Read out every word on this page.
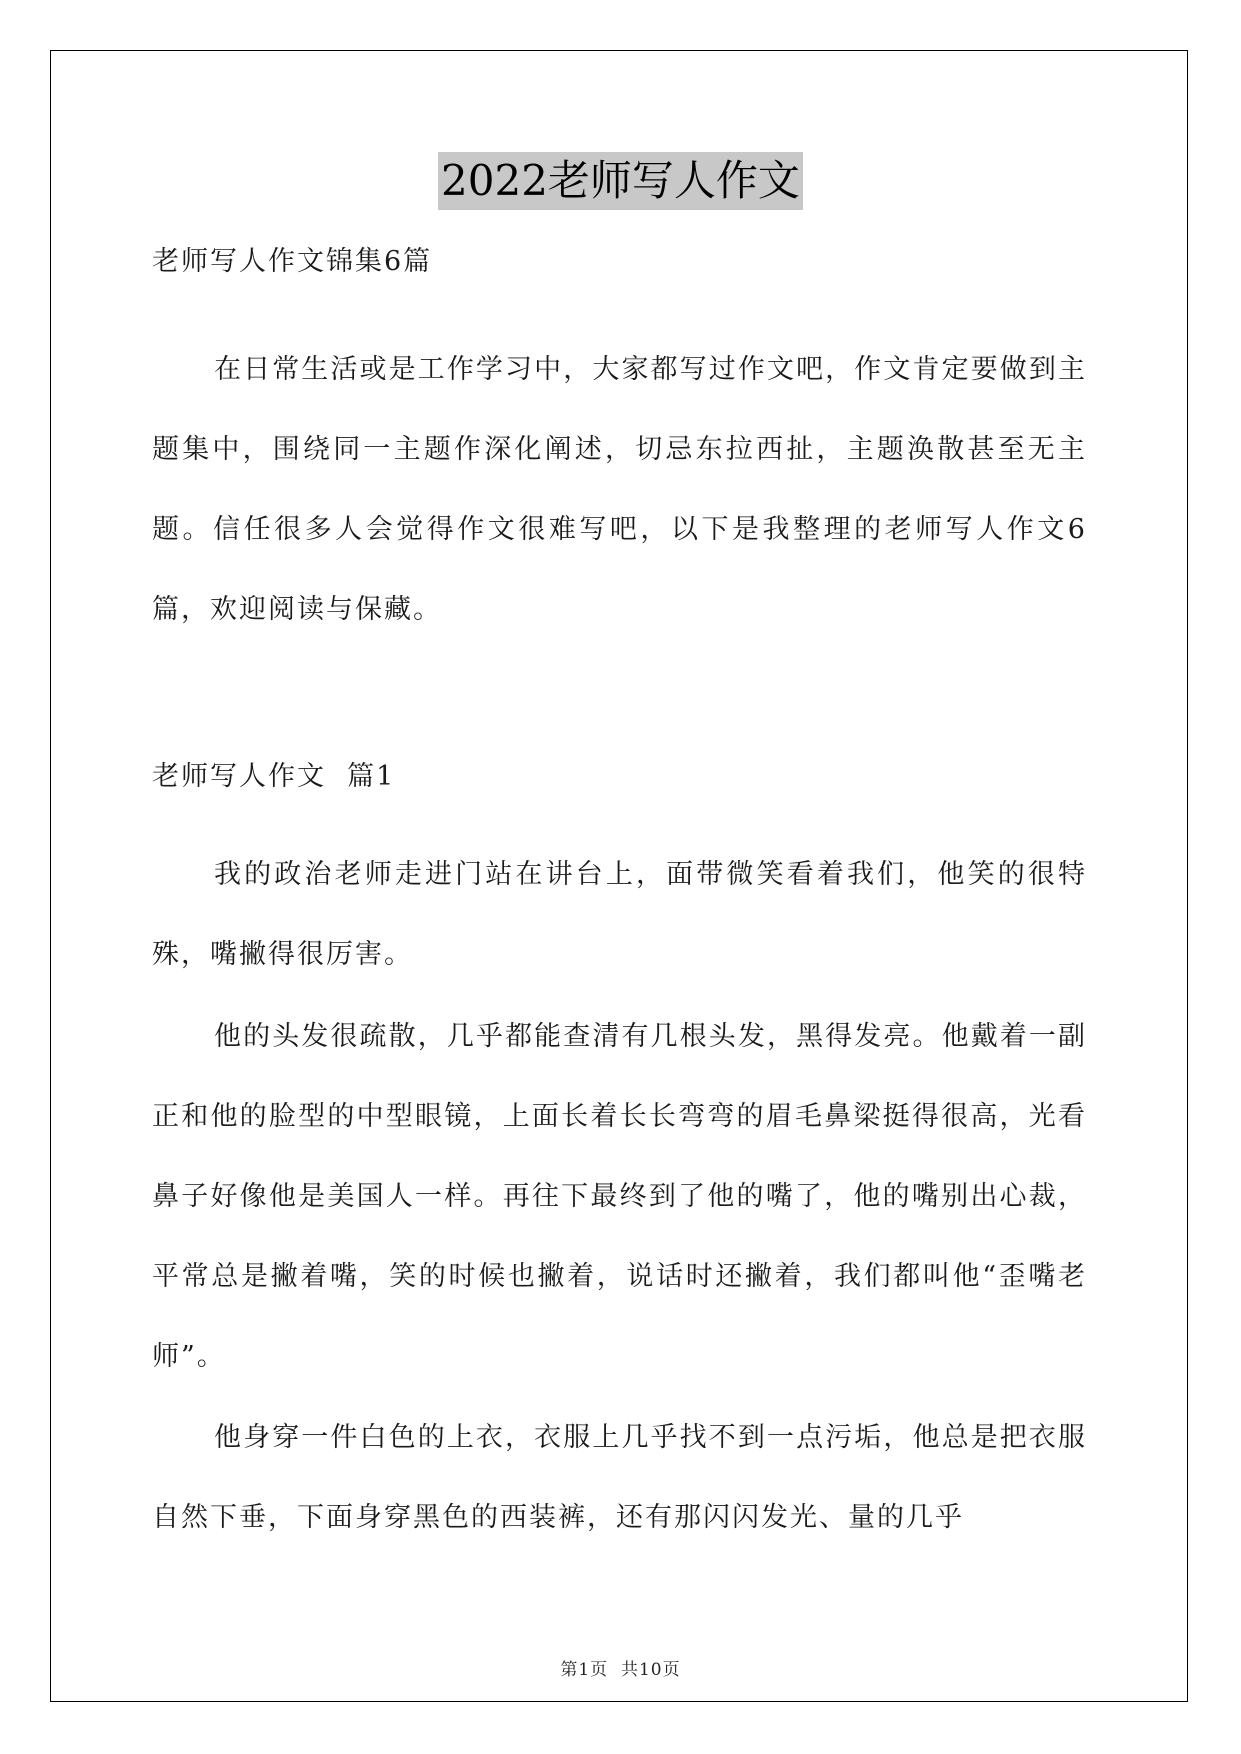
2022老师写人作文
老师写人作文锦集6篇

在日常生活或是工作学习中，大家都写过作文吧，作文肯定要做到主题集中，围绕同一主题作深化阐述，切忌东拉西扯，主题涣散甚至无主题。信任很多人会觉得作文很难写吧，以下是我整理的老师写人作文6篇，欢迎阅读与保藏。

老师写人作文  篇1

我的政治老师走进门站在讲台上，面带微笑看着我们，他笑的很特殊，嘴撇得很厉害。

他的头发很疏散，几乎都能查清有几根头发，黑得发亮。他戴着一副正和他的脸型的中型眼镜，上面长着长长弯弯的眉毛鼻梁挺得很高，光看鼻子好像他是美国人一样。再往下最终到了他的嘴了，他的嘴别出心裁，平常总是撇着嘴，笑的时候也撇着，说话时还撇着，我们都叫他“歪嘴老师”。

他身穿一件白色的上衣，衣服上几乎找不到一点污垢，他总是把衣服自然下垂，下面身穿黑色的西装裤，还有那闪闪发光、量的几乎

第1页  共10页
